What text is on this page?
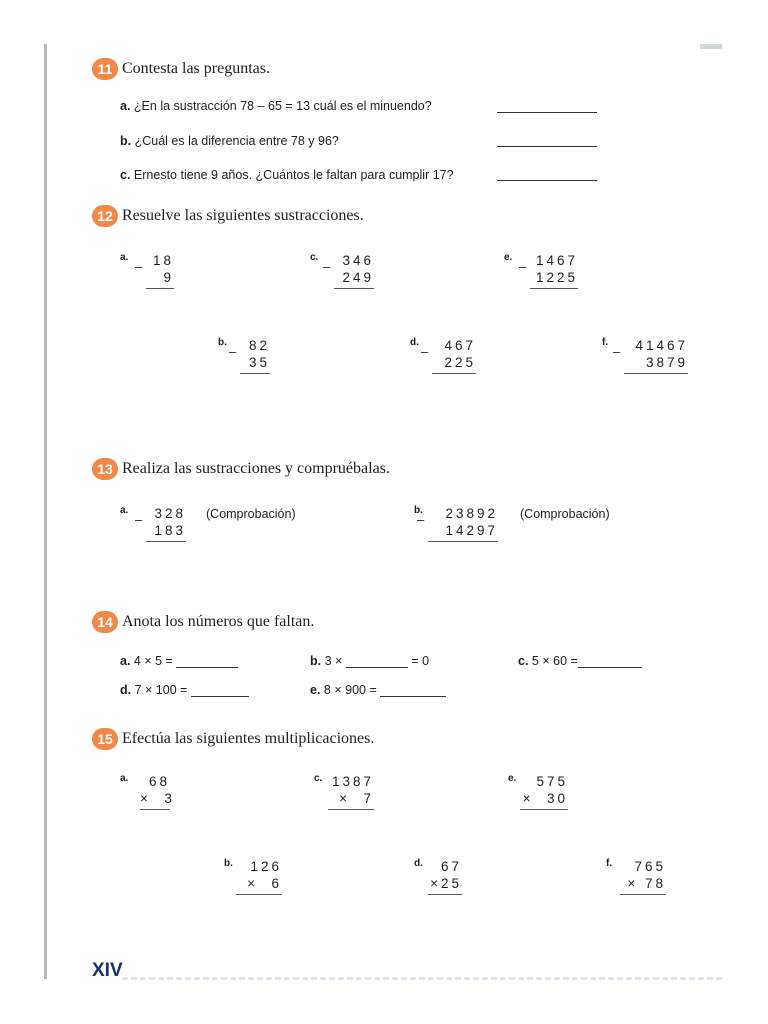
11 Contesta las preguntas.
a. ¿En la sustracción 78 – 65 = 13 cuál es el minuendo?
b. ¿Cuál es la diferencia entre 78 y 96?
c. Ernesto tiene 9 años. ¿Cuántos le faltan para cumplir 17?
12 Resuelve las siguientes sustracciones.
a.
– 18
9
c.
– 346
249
e.
– 1467
1225
b.
– 82
35
d.
–	467
225
f.
–	41467
3879
13 Realiza las sustracciones y compruébalas.
a.
– 328
183
(Comprobación)	b.
–	23892
14297
(Comprobación)
14 Anota los números que faltan.
a. 4 × 5 =	b. 3 ×	= 0	c. 5 × 60 =
d. 7 × 100 =	e. 8 × 900 =
15 Efectúa las siguientes multiplicaciones.
a.	68
× 3
c. 1387
× 7
e.	575
× 30
b.	126
× 6
d.	67
×25
f.	765
× 78
XIV
